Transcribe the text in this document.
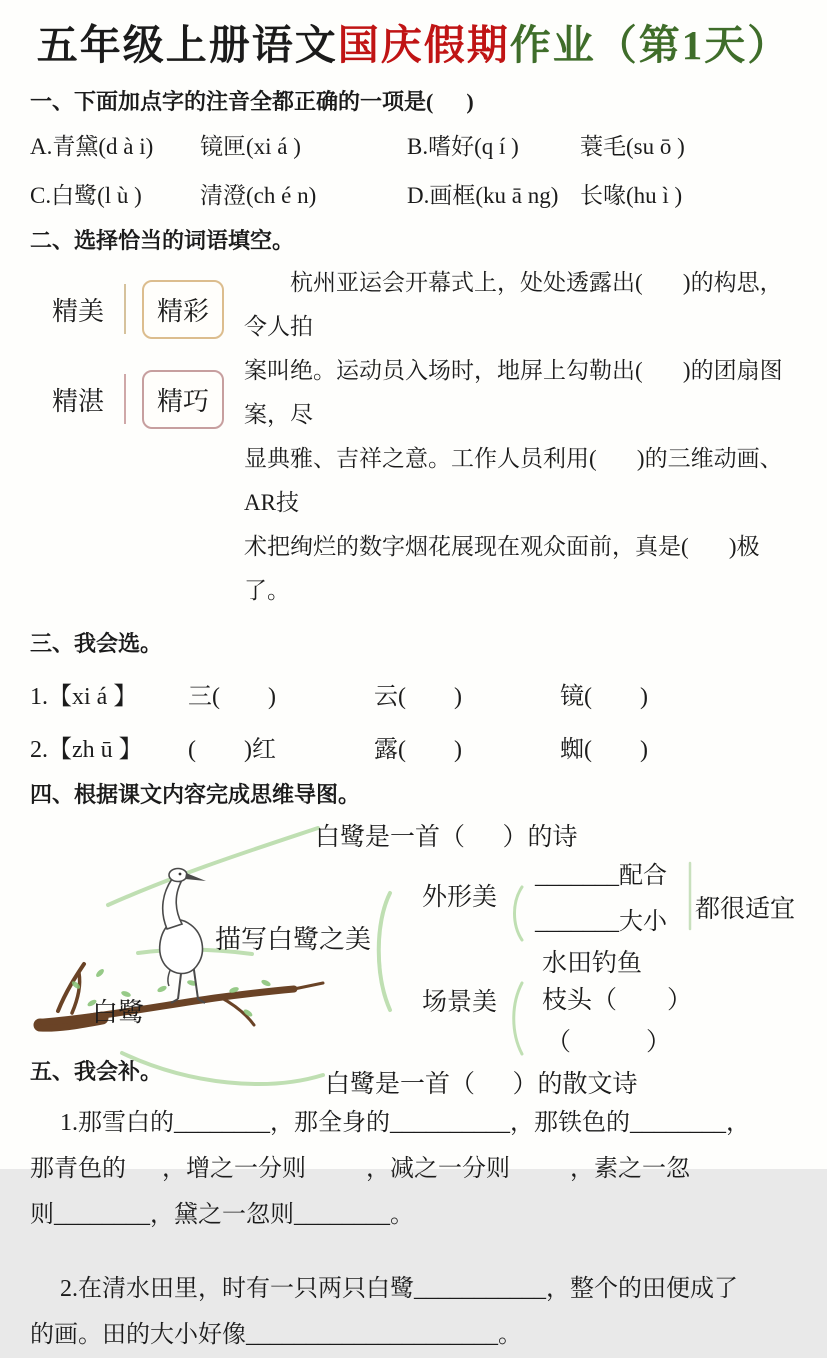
五年级上册语文国庆假期作业（第1天）
一、下面加点字的注音全都正确的一项是(      )
A.青黛(d à i)	镜匣(xi á )	B.嗜好(q í )	蓑毛(su ō )
C.白鹭(l ù )	清澄(ch é n)	D.画框(ku ā ng) 长喙(hu ì )
二、选择恰当的词语填空。
精美	精彩
精湛	精巧
杭州亚运会开幕式上，处处透露出(       )的构思，令人拍
案叫绝。运动员入场时，地屏上勾勒出(       )的团扇图案，尽
显典雅、吉祥之意。工作人员利用(       )的三维动画、AR技
术把绚烂的数字烟花展现在观众面前，真是(       )极了。
三、我会选。
1.【xi á 】	三(        )	云(        )	镜(        )
2.【zh ū 】	(        )红	露(        )	蜘(        )
四、根据课文内容完成思维导图。
白鹭是一首（      ）的诗
描写白鹭之美
白鹭
外形美
_______配合
_______大小 都很适宜
水田钓鱼
场景美 枝头（        ）
（            ）
白鹭是一首（      ）的散文诗
五、我会补。
1.那雪白的________，那全身的__________，那铁色的________，
那青色的      ，增之一分则          ，减之一分则          ，素之一忽
则________，黛之一忽则________。
2.在清水田里，时有一只两只白鹭___________，整个的田便成了
的画。田的大小好像_____________________。
